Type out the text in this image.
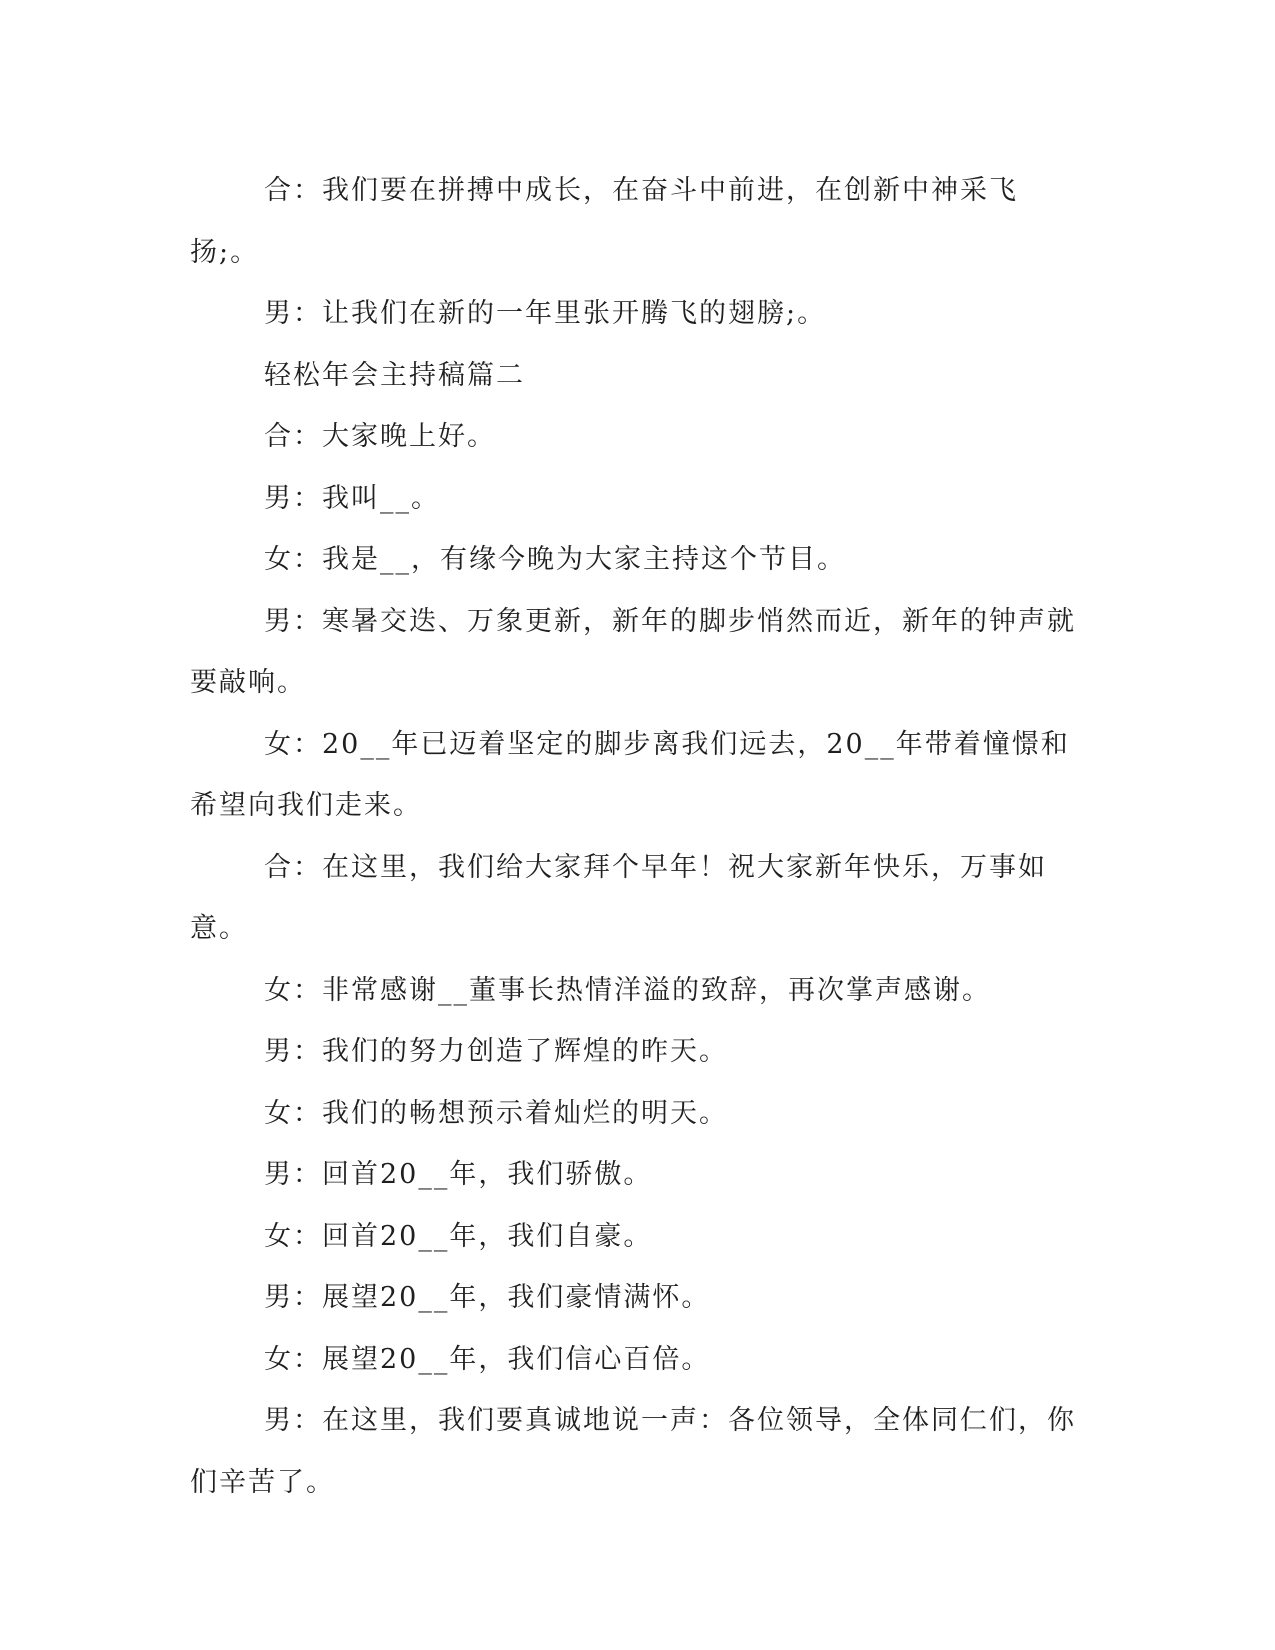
合：我们要在拼搏中成长，在奋斗中前进，在创新中神采飞扬;。

男：让我们在新的一年里张开腾飞的翅膀;。

轻松年会主持稿篇二

合：大家晚上好。

男：我叫__。

女：我是__，有缘今晚为大家主持这个节目。

男：寒暑交迭、万象更新，新年的脚步悄然而近，新年的钟声就要敲响。

女：20__年已迈着坚定的脚步离我们远去，20__年带着憧憬和希望向我们走来。

合：在这里，我们给大家拜个早年！祝大家新年快乐，万事如意。

女：非常感谢__董事长热情洋溢的致辞，再次掌声感谢。

男：我们的努力创造了辉煌的昨天。

女：我们的畅想预示着灿烂的明天。

男：回首20__年，我们骄傲。

女：回首20__年，我们自豪。

男：展望20__年，我们豪情满怀。

女：展望20__年，我们信心百倍。

男：在这里，我们要真诚地说一声：各位领导，全体同仁们，你们辛苦了。
